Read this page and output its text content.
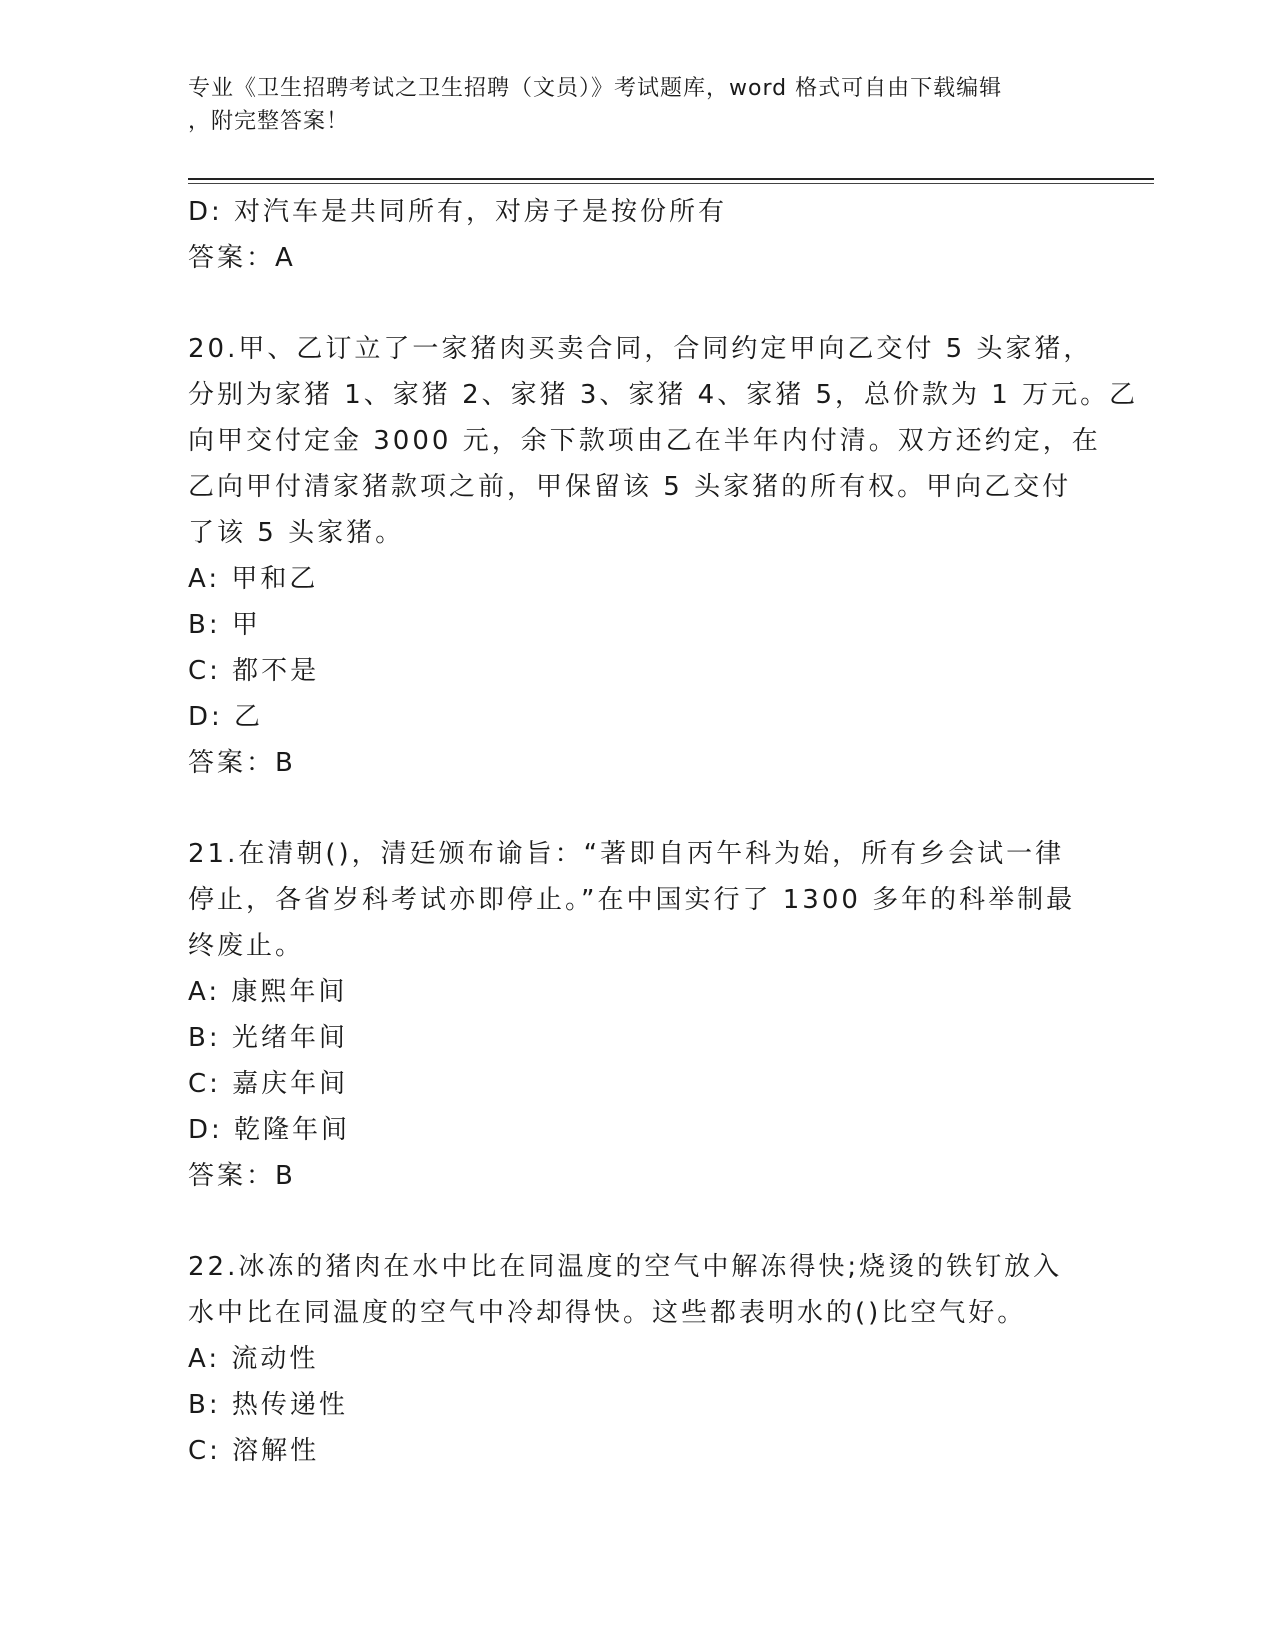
专业《卫生招聘考试之卫生招聘（文员）》考试题库，word 格式可自由下载编辑
，附完整答案！
D: 对汽车是共同所有，对房子是按份所有
答案：A
20.甲、乙订立了一家猪肉买卖合同，合同约定甲向乙交付 5 头家猪，
分别为家猪 1、家猪 2、家猪 3、家猪 4、家猪 5，总价款为 1 万元。乙
向甲交付定金 3000 元，余下款项由乙在半年内付清。双方还约定，在
乙向甲付清家猪款项之前，甲保留该 5 头家猪的所有权。甲向乙交付
了该 5 头家猪。
A: 甲和乙
B: 甲
C: 都不是
D: 乙
答案：B
21.在清朝()，清廷颁布谕旨：“著即自丙午科为始，所有乡会试一律
停止，各省岁科考试亦即停止。”在中国实行了 1300 多年的科举制最
终废止。
A: 康熙年间
B: 光绪年间
C: 嘉庆年间
D: 乾隆年间
答案：B
22.冰冻的猪肉在水中比在同温度的空气中解冻得快;烧烫的铁钉放入
水中比在同温度的空气中冷却得快。这些都表明水的()比空气好。
A: 流动性
B: 热传递性
C: 溶解性
